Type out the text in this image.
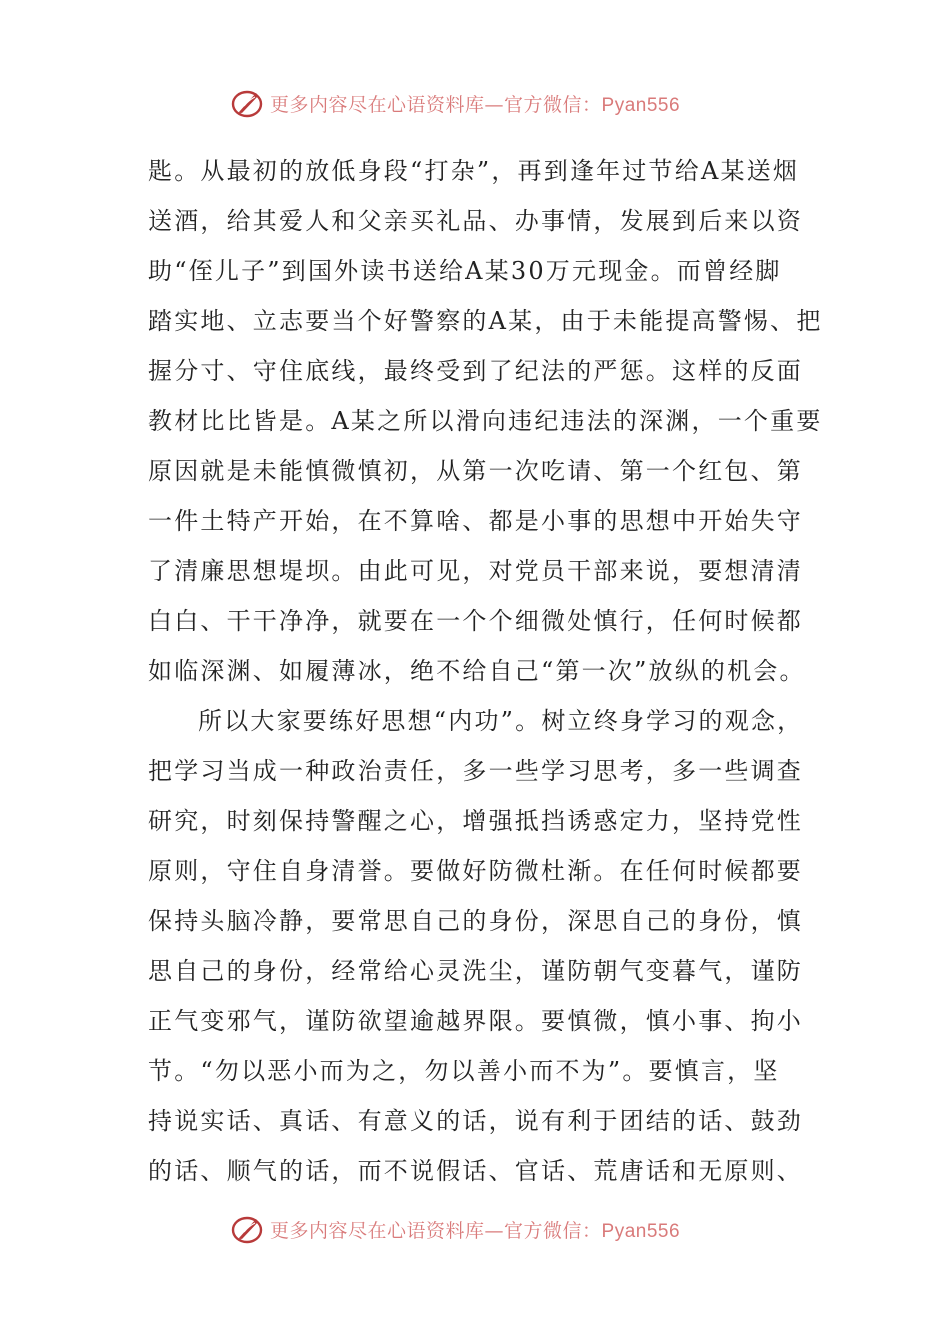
更多内容尽在心语资料库—官方微信：Pyan556
匙。从最初的放低身段“打杂”，再到逢年过节给A某送烟
送酒，给其爱人和父亲买礼品、办事情，发展到后来以资
助“侄儿子”到国外读书送给A某30万元现金。而曾经脚
踏实地、立志要当个好警察的A某，由于未能提高警惕、把
握分寸、守住底线，最终受到了纪法的严惩。这样的反面
教材比比皆是。A某之所以滑向违纪违法的深渊，一个重要
原因就是未能慎微慎初，从第一次吃请、第一个红包、第
一件土特产开始，在不算啥、都是小事的思想中开始失守
了清廉思想堤坝。由此可见，对党员干部来说，要想清清
白白、干干净净，就要在一个个细微处慎行，任何时候都
如临深渊、如履薄冰，绝不给自己“第一次”放纵的机会。
所以大家要练好思想“内功”。树立终身学习的观念，
把学习当成一种政治责任，多一些学习思考，多一些调查
研究，时刻保持警醒之心，增强抵挡诱惑定力，坚持党性
原则，守住自身清誉。要做好防微杜渐。在任何时候都要
保持头脑冷静，要常思自己的身份，深思自己的身份，慎
思自己的身份，经常给心灵洗尘，谨防朝气变暮气，谨防
正气变邪气，谨防欲望逾越界限。要慎微，慎小事、拘小
节。“勿以恶小而为之，勿以善小而不为”。要慎言，坚
持说实话、真话、有意义的话，说有利于团结的话、鼓劲
的话、顺气的话，而不说假话、官话、荒唐话和无原则、
更多内容尽在心语资料库—官方微信：Pyan556
